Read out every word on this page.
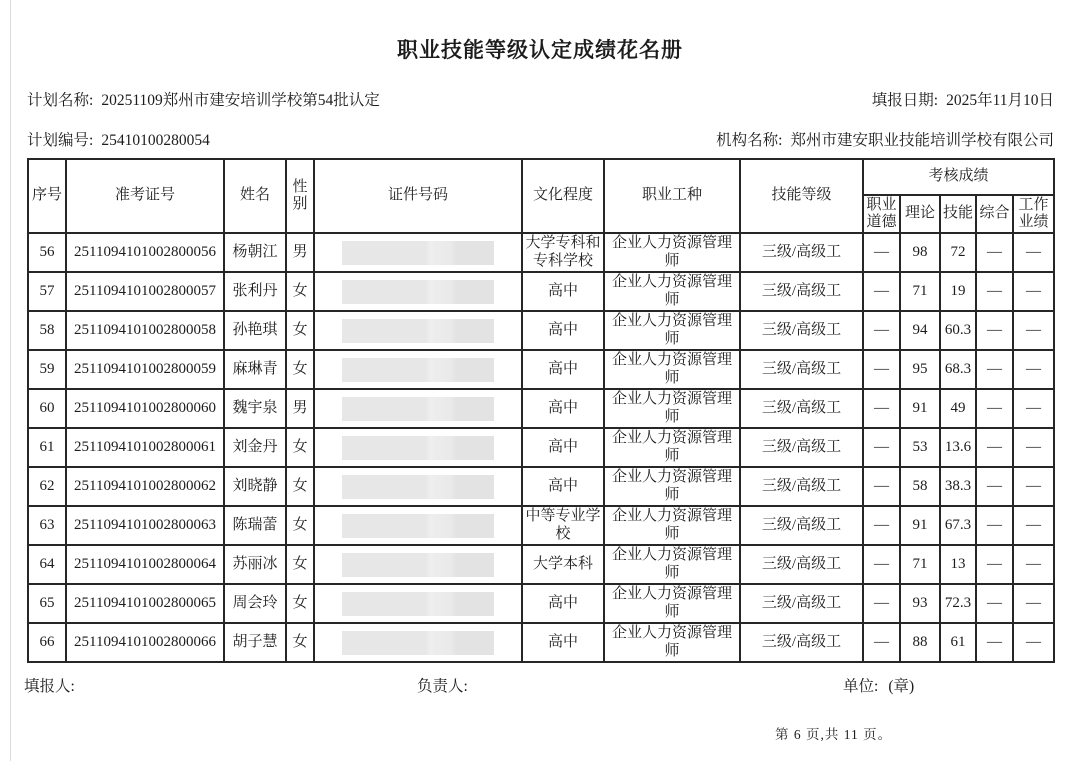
职业技能等级认定成绩花名册
计划名称: 20251109郑州市建安培训学校第54批认定	填报日期: 2025年11月10日
计划编号: 25410100280054	机构名称: 郑州市建安职业技能培训学校有限公司
序号	准考证号	姓名	性别	证件号码	文化程度	职业工种	技能等级	考核成绩				
								职业道德	理论	技能	综合	工作业绩
56	2511094101002800056	杨朝江	男		大学专科和专科学校	企业人力资源管理师	三级/高级工	—	98	72	—	—
57	2511094101002800057	张利丹	女		高中	企业人力资源管理师	三级/高级工	—	71	19	—	—
58	2511094101002800058	孙艳琪	女		高中	企业人力资源管理师	三级/高级工	—	94	60.3	—	—
59	2511094101002800059	麻琳青	女		高中	企业人力资源管理师	三级/高级工	—	95	68.3	—	—
60	2511094101002800060	魏宇泉	男		高中	企业人力资源管理师	三级/高级工	—	91	49	—	—
61	2511094101002800061	刘金丹	女		高中	企业人力资源管理师	三级/高级工	—	53	13.6	—	—
62	2511094101002800062	刘晓静	女		高中	企业人力资源管理师	三级/高级工	—	58	38.3	—	—
63	2511094101002800063	陈瑞蕾	女		中等专业学校	企业人力资源管理师	三级/高级工	—	91	67.3	—	—
64	2511094101002800064	苏丽冰	女		大学本科	企业人力资源管理师	三级/高级工	—	71	13	—	—
65	2511094101002800065	周会玲	女		高中	企业人力资源管理师	三级/高级工	—	93	72.3	—	—
66	2511094101002800066	胡子慧	女		高中	企业人力资源管理师	三级/高级工	—	88	61	—	—
填报人:	负责人:	单位: (章)
第 6 页,共 11 页。
